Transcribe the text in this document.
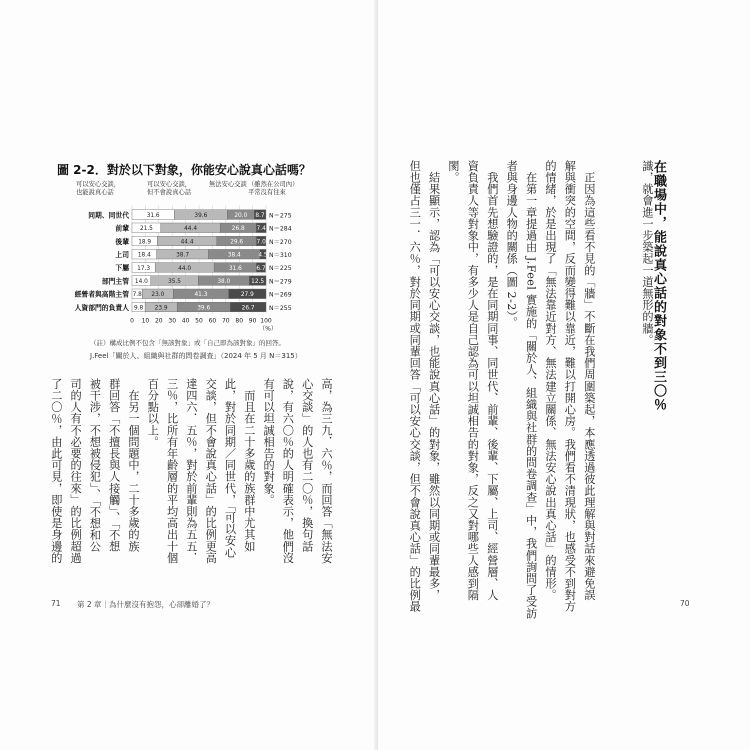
圖 2-2．對於以下對象，你能安心說真心話嗎？
可以安心交談，
也能說真心話
可以安心交談，
但不會說真心話
無法安心交談 （雖然在公司內）
平常沒有往來
同期、同世代	31.6	39.6	20.0 8.7 N＝275
前輩 21.5	44.4	26.8 7.4 N＝284
後輩 18.9	44.4	29.6 7.0 N＝270
上司 18.4	38.7	38.4	4.5 N＝310
下屬 17.3	44.0	31.6	6.7 N＝225
部門主管 14.0	35.5	38.0	12.5 N＝279
經營者與高階主管 7.8 23.0	41.3	27.9 N＝269
人資部門的負責人 9.8 23.9	39.6	26.7 N＝255
0 10 20 30 40 50 60 70 80 90 100
（%）
（註）構成比例不包含「無該對象」或「自己即為該對象」的回答。
J.Feel「關於人、組織與社群的問卷調查」（2024 年 5 月 N＝315）
高，為三九．六％，而回答「無法安
心交談」的人也有二〇％，換句話
說，有六〇％的人明確表示，他們沒
有可以坦誠相告的對象。
　而且在二十多歲的族群中尤其如
此，對於同期／同世代，「可以安心
交談，但不會說真心話」的比例更高
達四六．五％，對於前輩則為五五．
三％，比所有年齡層的平均高出十個
百分點以上。
　在另一個問題中，二十多歲的族
群回答「不擅長與人接觸」、「不想
被干涉，不想被侵犯」、「不想和公
司的人有不必要的往來」的比例超過
了二〇％，由此可見，即使是身邊的
71 第 2 章｜為什麼沒有抱怨，心卻離婚了？
識，就會進一步築起一道無形的牆。
　正因為這些看不見的「牆」不斷在我們周圍築起，本應透過彼此理解與對話來避免誤
解與衝突的空間，反而變得難以靠近，難以打開心房。我們看不清現狀，也感受不到對方
的情緒，於是出現了「無法靠近對方、無法建立關係、無法安心說出真心話」的情形。
　在第一章提過由 J.Feel 實施的「關於人、組織與社群的問卷調查」中，我們詢問了受訪
者與身邊人物的關係（圖 2-2）。
　我們首先想驗證的，是在同期同事、同世代、前輩、後輩、下屬、上司、經營層、人
資負責人等對象中，有多少人是自己認為可以坦誠相告的對象，反之又對哪些人感到隔
閡。
　結果顯示，認為「可以安心交談，也能說真心話」的對象，雖然以同期或同輩最多，
但也僅占三一．六％，對於同期或同輩回答「可以安心交談，但不會說真心話」的比例最	70
在職場中，能說真心話的對象不到三〇％
